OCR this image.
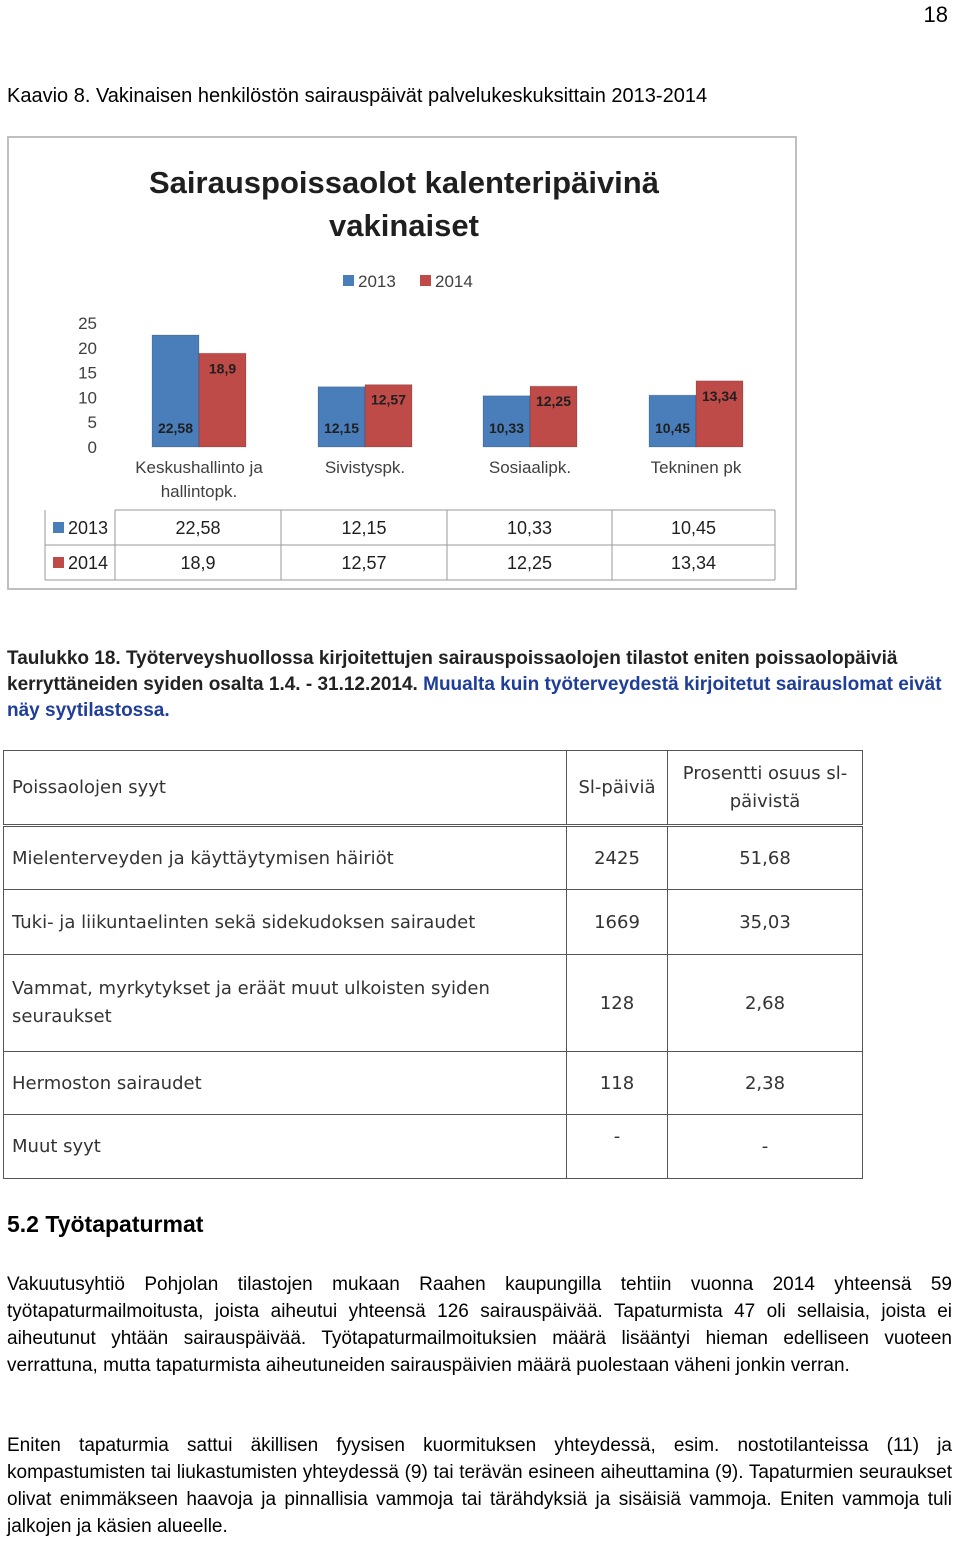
18
Kaavio 8. Vakinaisen henkilöstön sairauspäivät palvelukeskuksittain 2013-2014
Sairauspoissaolot kalenteripäivinä
vakinaiset
2013 2014
25
20
15
10
5
0
22,58
18,9
Keskushallinto ja
hallintopk.
12,15
12,57
Sivistyspk.
10,33
12,25
Sosiaalipk.
10,45
13,34
Tekninen pk
2013	22,58	12,15	10,33	10,45
2014	18,9	12,57	12,25	13,34
Taulukko 18. Työterveyshuollossa kirjoitettujen sairauspoissaolojen tilastot eniten poissaolopäiviä kerryttäneiden syiden osalta 1.4. - 31.12.2014. Muualta kuin työterveydestä kirjoitetut sairauslomat eivät näy syytilastossa.
Poissaolojen syyt	Sl-päiviä	Prosentti osuus sl-päivistä

Mielenterveyden ja käyttäytymisen häiriöt	2425	51,68
Tuki- ja liikuntaelinten sekä sidekudoksen sairaudet	1669	35,03
Vammat, myrkytykset ja eräät muut ulkoisten syiden seuraukset	128	2,68
Hermoston sairaudet	118	2,38
Muut syyt	-	-
5.2 Työtapaturmat
Vakuutusyhtiö Pohjolan tilastojen mukaan Raahen kaupungilla tehtiin vuonna 2014 yhteensä 59 työtapaturmailmoitusta, joista aiheutui yhteensä 126 sairauspäivää. Tapaturmista 47 oli sellaisia, joista ei aiheutunut yhtään sairauspäivää. Työtapaturmailmoituksien määrä lisääntyi hieman edelliseen vuoteen verrattuna, mutta tapaturmista aiheutuneiden sairauspäivien määrä puolestaan väheni jonkin verran.
Eniten tapaturmia sattui äkillisen fyysisen kuormituksen yhteydessä, esim. nostotilanteissa (11) ja kompastumisten tai liukastumisten yhteydessä (9) tai terävän esineen aiheuttamina (9). Tapaturmien seuraukset olivat enimmäkseen haavoja ja pinnallisia vammoja tai tärähdyksiä ja sisäisiä vammoja. Eniten vammoja tuli jalkojen ja käsien alueelle.
